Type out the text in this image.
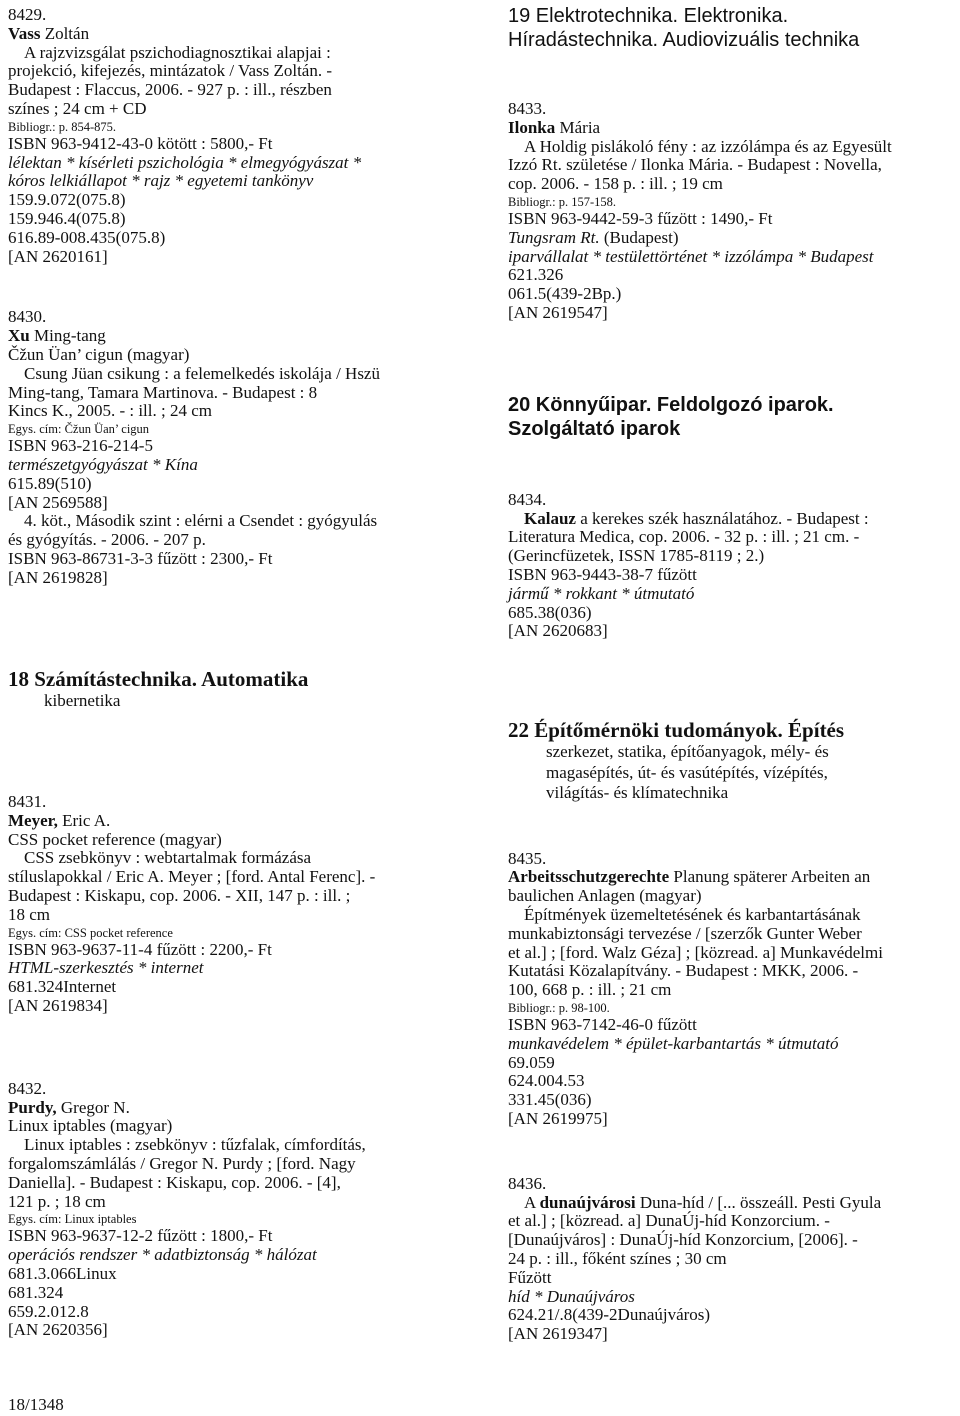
8429.
Vass Zoltán
A rajzvizsgálat pszichodiagnosztikai alapjai :
projekció, kifejezés, mintázatok / Vass Zoltán. -
Budapest : Flaccus, 2006. - 927 p. : ill., részben
színes ; 24 cm + CD
Bibliogr.: p. 854-875.
ISBN 963-9412-43-0 kötött : 5800,- Ft
lélektan * kísérleti pszichológia * elmegyógyászat *
kóros lelkiállapot * rajz * egyetemi tankönyv
159.9.072(075.8)
159.946.4(075.8)
616.89-008.435(075.8)
[AN 2620161]
8430.
Xu Ming-tang
Čžun Üan’ cigun (magyar)
Csung Jüan csikung : a felemelkedés iskolája / Hszü
Ming-tang, Tamara Martinova. - Budapest : 8
Kincs K., 2005. - : ill. ; 24 cm
Egys. cím: Čžun Üan’ cigun
ISBN 963-216-214-5
természetgyógyászat * Kína
615.89(510)
[AN 2569588]
4. köt., Második szint : elérni a Csendet : gyógyulás
és gyógyítás. - 2006. - 207 p.
ISBN 963-86731-3-3 fűzött : 2300,- Ft
[AN 2619828]
18 Számítástechnika. Automatika
kibernetika
8431.
Meyer, Eric A.
CSS pocket reference (magyar)
CSS zsebkönyv : webtartalmak formázása
stíluslapokkal / Eric A. Meyer ; [ford. Antal Ferenc]. -
Budapest : Kiskapu, cop. 2006. - XII, 147 p. : ill. ;
18 cm
Egys. cím: CSS pocket reference
ISBN 963-9637-11-4 fűzött : 2200,- Ft
HTML-szerkesztés * internet
681.324Internet
[AN 2619834]
8432.
Purdy, Gregor N.
Linux iptables (magyar)
Linux iptables : zsebkönyv : tűzfalak, címfordítás,
forgalomszámlálás / Gregor N. Purdy ; [ford. Nagy
Daniella]. - Budapest : Kiskapu, cop. 2006. - [4],
121 p. ; 18 cm
Egys. cím: Linux iptables
ISBN 963-9637-12-2 fűzött : 1800,- Ft
operációs rendszer * adatbiztonság * hálózat
681.3.066Linux
681.324
659.2.012.8
[AN 2620356]
18/1348
19 Elektrotechnika. Elektronika.
Híradástechnika. Audiovizuális technika
8433.
Ilonka Mária
A Holdig pislákoló fény : az izzólámpa és az Egyesült
Izzó Rt. születése / Ilonka Mária. - Budapest : Novella,
cop. 2006. - 158 p. : ill. ; 19 cm
Bibliogr.: p. 157-158.
ISBN 963-9442-59-3 fűzött : 1490,- Ft
Tungsram Rt. (Budapest)
iparvállalat * testülettörténet * izzólámpa * Budapest
621.326
061.5(439-2Bp.)
[AN 2619547]
20 Könnyűipar. Feldolgozó iparok.
Szolgáltató iparok
8434.
Kalauz a kerekes szék használatához. - Budapest :
Literatura Medica, cop. 2006. - 32 p. : ill. ; 21 cm. -
(Gerincfüzetek, ISSN 1785-8119 ; 2.)
ISBN 963-9443-38-7 fűzött
jármű * rokkant * útmutató
685.38(036)
[AN 2620683]
22 Építőmérnöki tudományok. Építés
szerkezet, statika, építőanyagok, mély- és
magasépítés, út- és vasútépítés, vízépítés,
világítás- és klímatechnika
8435.
Arbeitsschutzgerechte Planung späterer Arbeiten an
baulichen Anlagen (magyar)
Építmények üzemeltetésének és karbantartásának
munkabiztonsági tervezése / [szerzők Gunter Weber
et al.] ; [ford. Walz Géza] ; [közread. a] Munkavédelmi
Kutatási Közalapítvány. - Budapest : MKK, 2006. -
100, 668 p. : ill. ; 21 cm
Bibliogr.: p. 98-100.
ISBN 963-7142-46-0 fűzött
munkavédelem * épület-karbantartás * útmutató
69.059
624.004.53
331.45(036)
[AN 2619975]
8436.
A dunaújvárosi Duna-híd / [... összeáll. Pesti Gyula
et al.] ; [közread. a] DunaÚj-híd Konzorcium. -
[Dunaújváros] : DunaÚj-híd Konzorcium, [2006]. -
24 p. : ill., főként színes ; 30 cm
Fűzött
híd * Dunaújváros
624.21/.8(439-2Dunaújváros)
[AN 2619347]
